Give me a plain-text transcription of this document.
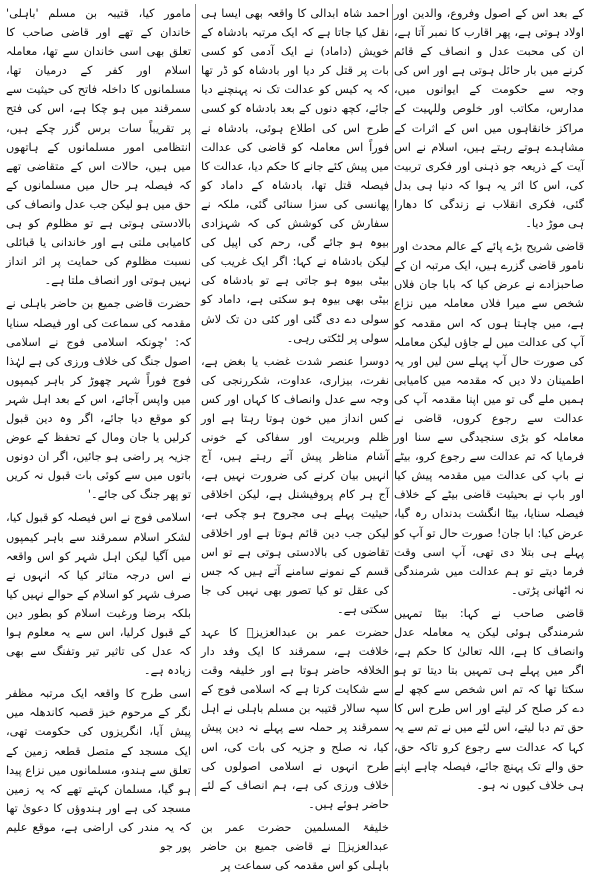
کے بعد اس کے اصول وفروع، والدین اور اولاد ہوتی ہے، پھر اقارب کا نمبر آتا ہے، ان کی محبت عدل و انصاف کے قائم کرنے میں بار حائل ہوتی ہے اور اس کی وجہ سے حکومت کے ایوانوں میں، مدارس، مکاتب اور خلوص وللہیت کے مراکز خانقاہوں میں اس کے اثرات کے مشاہدے ہوتے رہتے ہیں، اسلام نے اس آیت کے ذریعہ جو ذہنی اور فکری تربیت کی، اس کا اثر یہ ہوا کہ دنیا ہی بدل گئی، فکری انقلاب نے زندگی کا دھارا ہی موڑ دیا۔

قاضی شریح بڑے پائے کے عالم محدث اور نامور قاضی گزرے ہیں، ایک مرتبہ ان کے صاحبزادے نے عرض کیا کہ بابا جان فلاں شخص سے میرا فلاں معاملہ میں نزاع ہے، میں چاہتا ہوں کہ اس مقدمہ کو آپ کی عدالت میں لے جاؤں لیکن معاملہ کی صورت حال آپ پہلے سن لیں اور یہ اطمینان دلا دیں کہ مقدمہ میں کامیابی ہمیں ملے گی تو میں اپنا مقدمہ آپ کی عدالت سے رجوع کروں، قاضی نے معاملہ کو بڑی سنجیدگی سے سنا اور فرمایا کہ تم عدالت سے رجوع کرو، بیٹے نے باپ کی عدالت میں مقدمہ پیش کیا اور باپ نے بحیثیت قاضی بیٹے کے خلاف فیصلہ سنایا، بیٹا انگشت بدنداں رہ گیا، عرض کیا: ابا جان! صورت حال تو آپ کو پہلے ہی بتلا دی تھی، آپ اسی وقت فرما دیتے تو ہم عدالت میں شرمندگی نہ اٹھانی پڑتی۔

قاضی صاحب نے کہا: بیٹا تمہیں شرمندگی ہوئی لیکن یہ معاملہ عدل وانصاف کا ہے، اللہ تعالیٰ کا حکم ہے، اگر میں پہلے ہی تمہیں بتا دیتا تو ہو سکتا تھا کہ تم اس شخص سے کچھ لے دے کر صلح کر لیتے اور اس طرح اس کا حق تم دبا لیتے، اس لئے میں نے تم سے یہ کہا کہ عدالت سے رجوع کرو تاکہ حق، حق والے تک پہنچ جائے، فیصلہ چاہے اپنے ہی خلاف کیوں نہ ہو۔

احمد شاہ ابدالی کا واقعہ بھی ایسا ہی نقل کیا جاتا ہے کہ ایک مرتبہ بادشاہ کے خویش (داماد) نے ایک آدمی کو کسی بات پر قتل کر دیا اور بادشاہ کو ڈر تھا کہ یہ کیس کو عدالت تک نہ پہنچنے دیا جائے، کچھ دنوں کے بعد بادشاہ کو کسی طرح اس کی اطلاع ہوئی، بادشاہ نے فوراً اس معاملہ کو قاضی کی عدالت میں پیش کئے جانے کا حکم دیا، عدالت کا فیصلہ قتل تھا، بادشاہ کے داماد کو پھانسی کی سزا سنائی گئی، ملکہ نے سفارش کی کوشش کی کہ شہزادی بیوہ ہو جائے گی، رحم کی اپیل کی لیکن بادشاہ نے کہا: اگر ایک غریب کی بیٹی بیوہ ہو جاتی ہے تو بادشاہ کی بیٹی بھی بیوہ ہو سکتی ہے، داماد کو سولی دے دی گئی اور کئی دن تک لاش سولی پر لٹکتی رہی۔

دوسرا عنصر شدت غضب یا بغض ہے، نفرت، بیزاری، عداوت، شکررنجی کی وجہ سے عدل وانصاف کا کہاں اور کس کس انداز میں خون ہوتا رہتا ہے اور ظلم وبربریت اور سفاکی کے خونی آشام مناظر پیش آتے رہتے ہیں، آج انہیں بیان کرنے کی ضرورت نہیں ہے، آج ہر کام پروفیشنل ہے، لیکن اخلاقی حیثیت پہلے ہی مجروح ہو چکی ہے، لیکن جب دین قائم ہوتا ہے اور اخلاقی تقاضوں کی بالادستی ہوتی ہے تو اس قسم کے نمونے سامنے آتے ہیں کہ جس کی عقل تو کیا تصور بھی نہیں کی جا سکتی ہے۔

حضرت عمر بن عبدالعزیزؒ کا عہد خلافت ہے، سمرقند کا ایک وفد دار الخلافہ حاضر ہوتا ہے اور خلیفہ وقت سے شکایت کرتا ہے کہ اسلامی فوج کے سپہ سالار قتیبہ بن مسلم باہلی نے اہل سمرقند پر حملہ سے پہلے نہ دین پیش کیا، نہ صلح و جزیہ کی بات کی، اس طرح انہوں نے اسلامی اصولوں کی خلاف ورزی کی ہے، ہم انصاف کے لئے حاضر ہوئے ہیں۔

خلیفۃ المسلمین حضرت عمر بن عبدالعزیزؒ نے قاضی جمیع بن حاضر باہلی کو اس مقدمہ کی سماعت پر

مامور کیا، قتیبہ بن مسلم 'باہلی' خاندان کے تھے اور قاضی صاحب کا تعلق بھی اسی خاندان سے تھا، معاملہ اسلام اور کفر کے درمیان تھا، مسلمانوں کا داخلہ فاتح کی حیثیت سے سمرقند میں ہو چکا ہے، اس کی فتح پر تقریباً سات برس گزر چکے ہیں، انتظامی امور مسلمانوں کے ہاتھوں میں ہیں، حالات اس کے متقاضی تھے کہ فیصلہ ہر حال میں مسلمانوں کے حق میں ہو لیکن جب عدل وانصاف کی بالادستی ہوتی ہے تو مظلوم کو ہی کامیابی ملتی ہے اور خاندانی یا قبائلی نسبت مظلوم کی حمایت پر اثر انداز نہیں ہوتی اور انصاف ملتا ہے۔

حضرت قاضی جمیع بن حاضر باہلی نے مقدمہ کی سماعت کی اور فیصلہ سنایا کہ: 'چونکہ اسلامی فوج نے اسلامی اصول جنگ کی خلاف ورزی کی ہے لہٰذا فوج فوراً شہر چھوڑ کر باہر کیمپوں میں واپس آجائے، اس کے بعد اہل شہر کو موقع دیا جائے، اگر وہ دین قبول کرلیں یا جان ومال کے تحفظ کے عوض جزیہ پر راضی ہو جائیں، اگر ان دونوں باتوں میں سے کوئی بات قبول نہ کریں تو پھر جنگ کی جائے۔'

اسلامی فوج نے اس فیصلہ کو قبول کیا، لشکر اسلام سمرقند سے باہر کیمپوں میں آگیا لیکن اہل شہر کو اس واقعہ نے اس درجہ متاثر کیا کہ انہوں نے صرف شہر کو اسلام کے حوالے نہیں کیا بلکہ برضا ورغبت اسلام کو بطور دین کے قبول کرلیا، اس سے یہ معلوم ہوا کہ عدل کی تاثیر تیر وتفنگ سے بھی زیادہ ہے۔

اسی طرح کا واقعہ ایک مرتبہ مظفر نگر کے مرحوم خیز قصبہ کاندھلہ میں پیش آیا، انگریزوں کی حکومت تھی، ایک مسجد کے متصل قطعہ زمین کے تعلق سے ہندو، مسلمانوں میں نزاع پیدا ہو گیا، مسلمان کہتے تھے کہ یہ زمین مسجد کی ہے اور ہندوؤں کا دعویٰ تھا کہ یہ مندر کی اراضی ہے، موقع علیم پور جو
